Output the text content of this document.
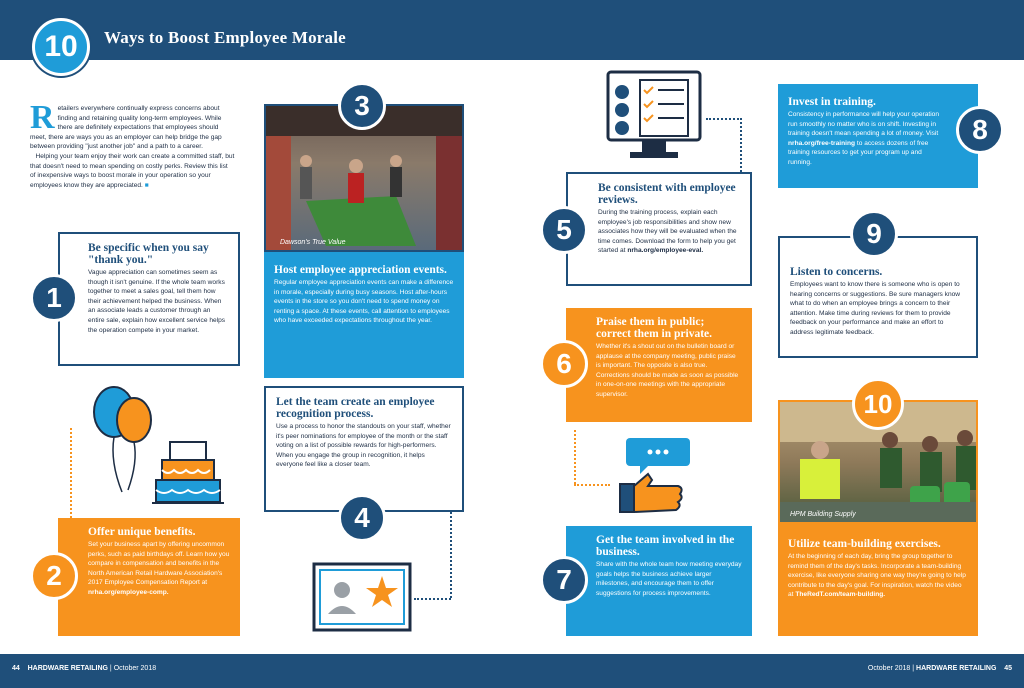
10 Ways to Boost Employee Morale
R etailers everywhere continually express concerns about finding and retaining quality long-term employees. While there are definitely expectations that employees should meet, there are ways you as an employer can help bridge the gap between providing "just another job" and a path to a career.
Helping your team enjoy their work can create a committed staff, but that doesn't need to mean spending on costly perks. Review this list of inexpensive ways to boost morale in your operation so your employees know they are appreciated. ■
Be specific when you say "thank you."

Vague appreciation can sometimes seem as though it isn't genuine. If the whole team works together to meet a sales goal, tell them how their achievement helped the business. When an associate leads a customer through an entire sale, explain how excellent service helps the operation compete in your market.

1
Offer unique benefits.

Set your business apart by offering uncommon perks, such as paid birthdays off. Learn how you compare in compensation and benefits in the North American Retail Hardware Association's 2017 Employee Compensation Report at nrha.org/employee-comp.

2
Dawson's True Value
3
Host employee appreciation events.

Regular employee appreciation events can make a difference in morale, especially during busy seasons. Host after-hours events in the store so you don't need to spend money on renting a space. At these events, call attention to employees who have exceeded expectations throughout the year.

Let the team create an employee recognition process.

Use a process to honor the standouts on your staff, whether it's peer nominations for employee of the month or the staff voting on a list of possible rewards for high-performers. When you engage the group in recognition, it helps everyone feel like a closer team.

4
Be consistent with employee reviews.

During the training process, explain each employee's job responsibilities and show new associates how they will be evaluated when the time comes. Download the form to help you get started at nrha.org/employee-eval.

5
Praise them in public; correct them in private.

Whether it's a shout out on the bulletin board or applause at the company meeting, public praise is important. The opposite is also true. Corrections should be made as soon as possible in one-on-one meetings with the appropriate supervisor.

6
Get the team involved in the business.

Share with the whole team how meeting everyday goals helps the business achieve larger milestones, and encourage them to offer suggestions for process improvements.

7
Invest in training.

Consistency in performance will help your operation run smoothly no matter who is on shift. Investing in training doesn't mean spending a lot of money. Visit nrha.org/free-training to access dozens of free training resources to get your program up and running.

8
Listen to concerns.

Employees want to know there is someone who is open to hearing concerns or suggestions. Be sure managers know what to do when an employee brings a concern to their attention. Make time during reviews for them to provide feedback on your performance and make an effort to address legitimate feedback.

9
HPM Building Supply
10
Utilize team-building exercises.

At the beginning of each day, bring the group together to remind them of the day's tasks. Incorporate a team-building exercise, like everyone sharing one way they're going to help contribute to the day's goal. For inspiration, watch the video at TheRedT.com/team-building.

44 HARDWARE RETAILING | October 2018	October 2018 | HARDWARE RETAILING 45
